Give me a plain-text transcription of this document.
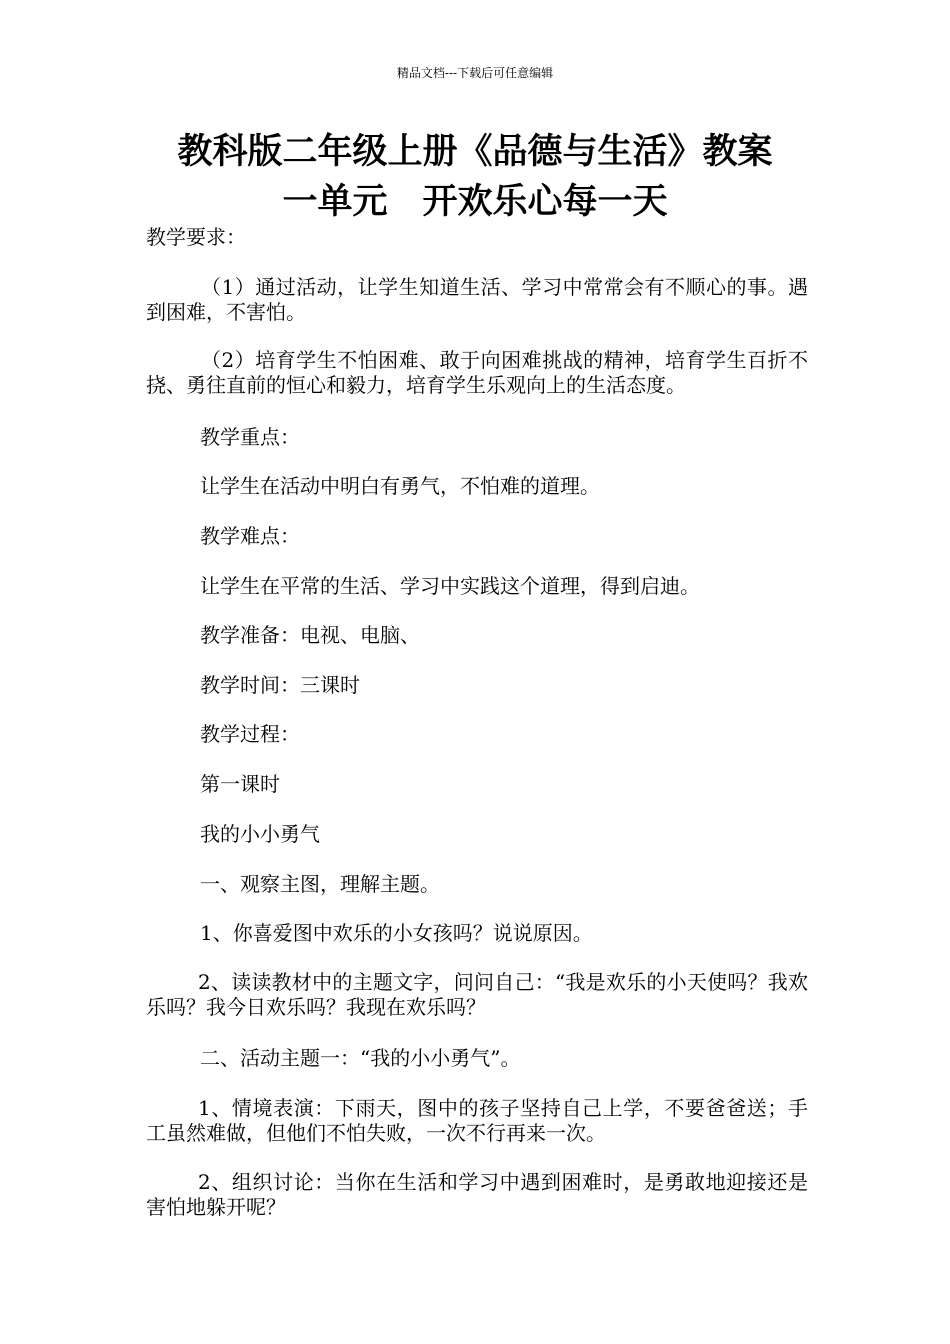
精品文档---下载后可任意编辑
教科版二年级上册《品德与生活》教案
一单元　开欢乐心每一天
教学要求：
（1）通过活动，让学生知道生活、学习中常常会有不顺心的事。遇到困难，不害怕。
（2）培育学生不怕困难、敢于向困难挑战的精神，培育学生百折不挠、勇往直前的恒心和毅力，培育学生乐观向上的生活态度。
教学重点：
让学生在活动中明白有勇气，不怕难的道理。
教学难点：
让学生在平常的生活、学习中实践这个道理，得到启迪。
教学准备：电视、电脑、
教学时间：三课时
教学过程：
第一课时
我的小小勇气
一、观察主图，理解主题。
1、你喜爱图中欢乐的小女孩吗？说说原因。
2、读读教材中的主题文字，问问自己：“我是欢乐的小天使吗？我欢乐吗？我今日欢乐吗？我现在欢乐吗？
二、活动主题一：“我的小小勇气”。
1、情境表演：下雨天，图中的孩子坚持自己上学，不要爸爸送；手工虽然难做，但他们不怕失败，一次不行再来一次。
2、组织讨论：当你在生活和学习中遇到困难时，是勇敢地迎接还是害怕地躲开呢？
